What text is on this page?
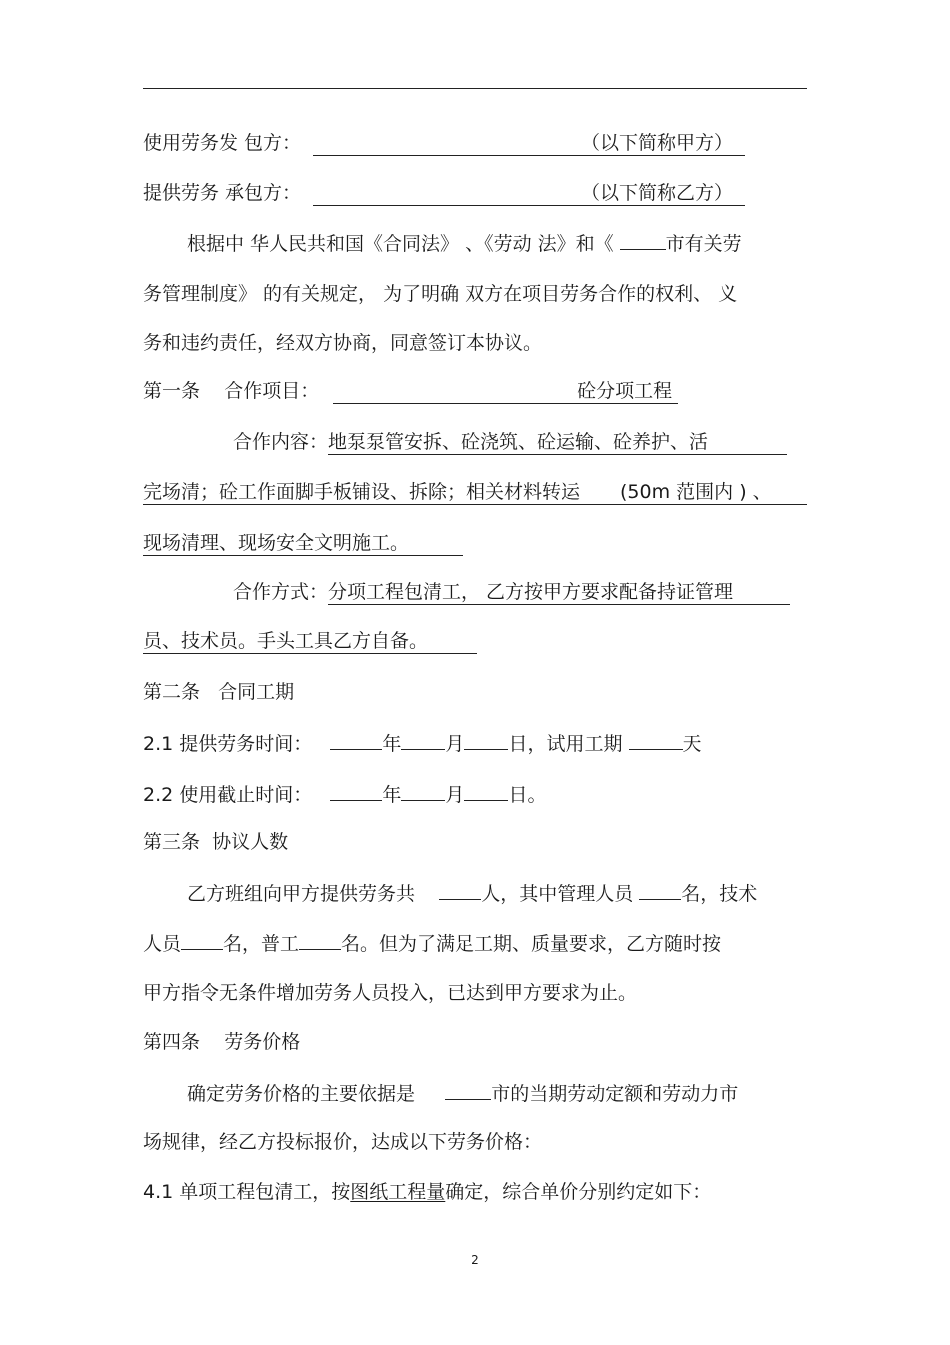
使用劳务发 包方：	（以下简称甲方）
提供劳务 承包方：	（以下简称乙方）
根据中 华人民共和国《合同法》 、《劳动 法》和《	市有关劳
务管理制度》 的有关规定， 为了明确 双方在项目劳务合作的权利、 义
务和违约责任，经双方协商，同意签订本协议。
第一条 合作项目：	砼分项工程
合作内容：地泵泵管安拆、砼浇筑、砼运输、砼养护、活
完场清；砼工作面脚手板铺设、拆除；相关材料转运 (50m 范围内 ) 、
现场清理、现场安全文明施工。
合作方式：分项工程包清工， 乙方按甲方要求配备持证管理
员、技术员。手头工具乙方自备。
第二条 合同工期
2.1 提供劳务时间：	年 月 日，试用工期	天
2.2 使用截止时间：	年 月 日。
第三条 协议人数
乙方班组向甲方提供劳务共	人，其中管理人员	名，技术
人员 名，普工 名。但为了满足工期、质量要求，乙方随时按
甲方指令无条件增加劳务人员投入，已达到甲方要求为止。
第四条 劳务价格
确定劳务价格的主要依据是	市的当期劳动定额和劳动力市
场规律，经乙方投标报价，达成以下劳务价格：
4.1 单项工程包清工，按图纸工程量确定，综合单价分别约定如下：
2
